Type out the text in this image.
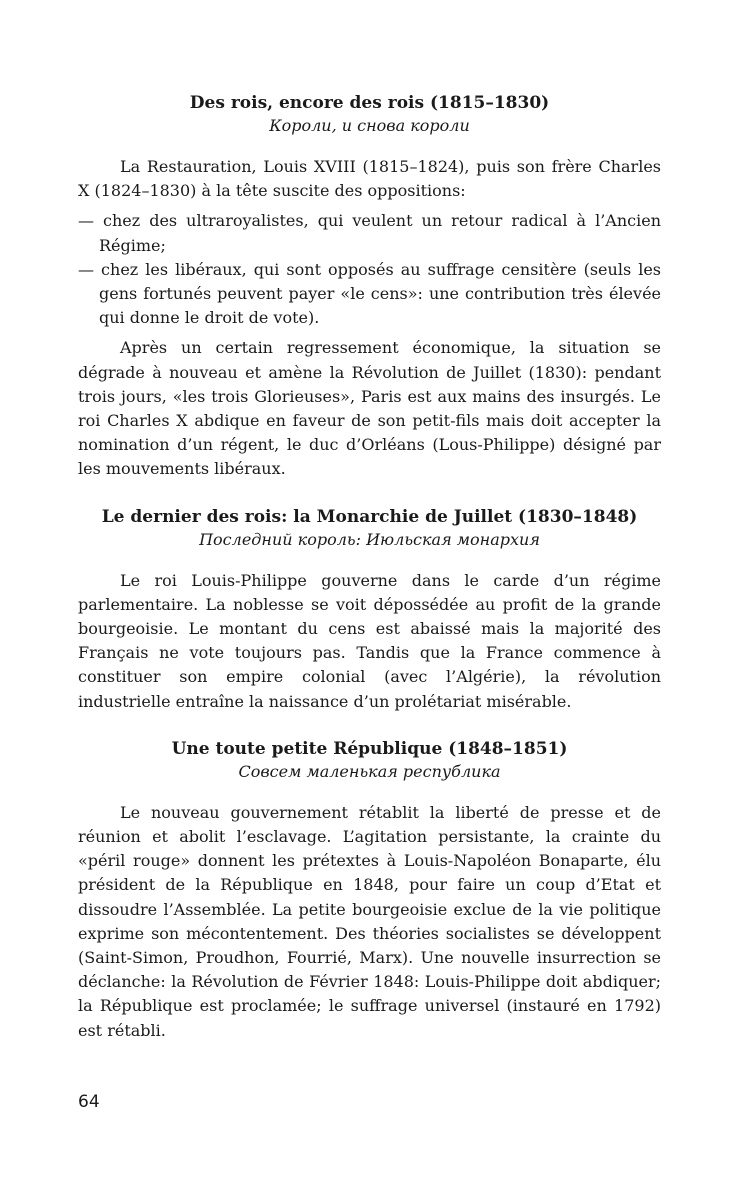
Des rois, encore des rois (1815–1830)

Короли, и снова короли

La Restauration, Louis XVIII (1815–1824), puis son frère Charles X (1824–1830) à la tête suscite des oppositions:

— chez des ultraroyalistes, qui veulent un retour radical à l’Ancien Régime;

— chez les libéraux, qui sont opposés au suffrage censitère (seuls les gens fortunés peuvent payer «le cens»: une contribution très élevée qui donne le droit de vote).

Après un certain regressement économique, la situation se dégrade à nouveau et amène la Révolution de Juillet (1830): pendant trois jours, «les trois Glorieuses», Paris est aux mains des insurgés. Le roi Charles X abdique en faveur de son petit-fils mais doit accepter la nomination d’un régent, le duc d’Orléans (Lous-Philippe) désigné par les mouvements libéraux.

Le dernier des rois: la Monarchie de Juillet (1830–1848)

Последний король: Июльская монархия

Le roi Louis-Philippe gouverne dans le carde d’un régime parlementaire. La noblesse se voit dépossédée au profit de la grande bourgeoisie. Le montant du cens est abaissé mais la majorité des Français ne vote toujours pas. Tandis que la France commence à constituer son empire colonial (avec l’Algérie), la révolution industrielle entraîne la naissance d’un prolétariat misérable.

Une toute petite République (1848–1851)

Совсем маленькая республика

Le nouveau gouvernement rétablit la liberté de presse et de réunion et abolit l’esclavage. L’agitation persistante, la crainte du «péril rouge» donnent les prétextes à Louis-Napoléon Bonaparte, élu président de la République en 1848, pour faire un coup d’Etat et dissoudre l’Assemblée. La petite bourgeoisie exclue de la vie politique exprime son mécontentement. Des théories socialistes se développent (Saint-Simon, Proudhon, Fourrié, Marx). Une nouvelle insurrection se déclanche: la Révolution de Février 1848: Louis-Philippe doit abdiquer; la République est proclamée; le suffrage universel (instauré en 1792) est rétabli.

64
